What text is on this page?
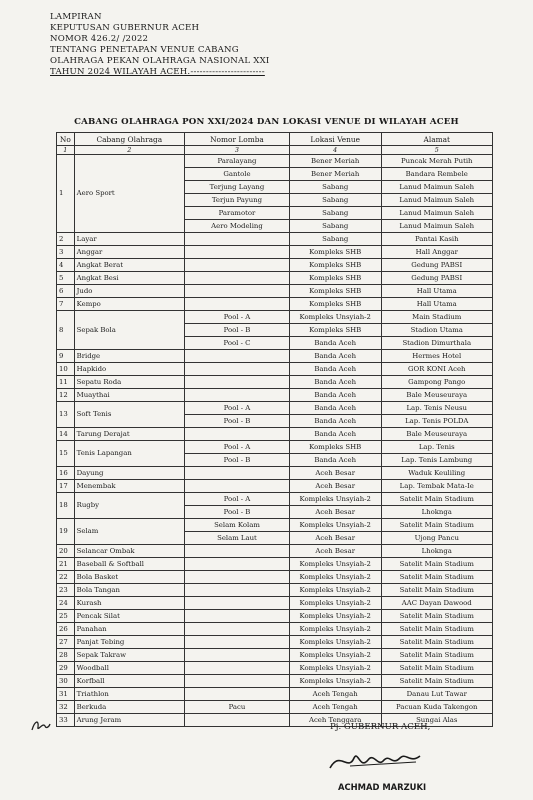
LAMPIRAN
KEPUTUSAN GUBERNUR ACEH
NOMOR 426.2/ /2022
TENTANG PENETAPAN VENUE CABANG
OLAHRAGA PEKAN OLAHRAGA NASIONAL XXI
TAHUN 2024 WILAYAH ACEH.------------------------
CABANG OLAHRAGA PON XXI/2024 DAN LOKASI VENUE DI WILAYAH ACEH
No	Cabang Olahraga	Nomor Lomba	Lokasi Venue	Alamat
1	2	3	4	5
1	Aero Sport	Paralayang	Bener Meriah	Puncak Merah Putih
		Gantole	Bener Meriah	Bandara Rembele
		Terjung Layang	Sabang	Lanud Maimun Saleh
		Terjun Payung	Sabang	Lanud Maimun Saleh
		Paramotor	Sabang	Lanud Maimun Saleh
		Aero Modeling	Sabang	Lanud Maimun Saleh
2	Layar		Sabang	Pantai Kasih
3	Anggar		Kompleks SHB	Hall Anggar
4	Angkat Berat		Kompleks SHB	Gedung PABSI
5	Angkat Besi		Kompleks SHB	Gedung PABSI
6	Judo		Kompleks SHB	Hall Utama
7	Kempo		Kompleks SHB	Hall Utama
8	Sepak Bola	Pool - A	Kompleks Unsyiah-2	Main Stadium
		Pool - B	Kompleks SHB	Stadion Utama
		Pool - C	Banda Aceh	Stadion Dimurthala
9	Bridge		Banda Aceh	Hermes Hotel
10	Hapkido		Banda Aceh	GOR KONI Aceh
11	Sepatu Roda		Banda Aceh	Gampong Pango
12	Muaythai		Banda Aceh	Bale Meuseuraya
13	Soft Tenis	Pool - A	Banda Aceh	Lap. Tenis Neusu
		Pool - B	Banda Aceh	Lap. Tenis POLDA
14	Tarung Derajat		Banda Aceh	Bale Meuseuraya
15	Tenis Lapangan	Pool - A	Kompleks SHB	Lap. Tenis
		Pool - B	Banda Aceh	Lap. Tenis Lambung
16	Dayung		Aceh Besar	Waduk Keuliling
17	Menembak		Aceh Besar	Lap. Tembak Mata-Ie
18	Rugby	Pool - A	Kompleks Unsyiah-2	Satelit Main Stadium
		Pool - B	Aceh Besar	Lhoknga
19	Selam	Selam Kolam	Kompleks Unsyiah-2	Satelit Main Stadium
		Selam Laut	Aceh Besar	Ujong Pancu
20	Selancar Ombak		Aceh Besar	Lhoknga
21	Baseball & Softball		Kompleks Unsyiah-2	Satelit Main Stadium
22	Bola Basket		Kompleks Unsyiah-2	Satelit Main Stadium
23	Bola Tangan		Kompleks Unsyiah-2	Satelit Main Stadium
24	Kurash		Kompleks Unsyiah-2	AAC Dayan Dawood
25	Pencak Silat		Kompleks Unsyiah-2	Satelit Main Stadium
26	Panahan		Kompleks Unsyiah-2	Satelit Main Stadium
27	Panjat Tebing		Kompleks Unsyiah-2	Satelit Main Stadium
28	Sepak Takraw		Kompleks Unsyiah-2	Satelit Main Stadium
29	Woodball		Kompleks Unsyiah-2	Satelit Main Stadium
30	Korfball		Kompleks Unsyiah-2	Satelit Main Stadium
31	Triathlon		Aceh Tengah	Danau Lut Tawar
32	Berkuda	Pacu	Aceh Tengah	Pacuan Kuda Takengon
33	Arung Jeram		Aceh Tenggara	Sungai Alas
Pj. GUBERNUR ACEH,
ACHMAD MARZUKI
